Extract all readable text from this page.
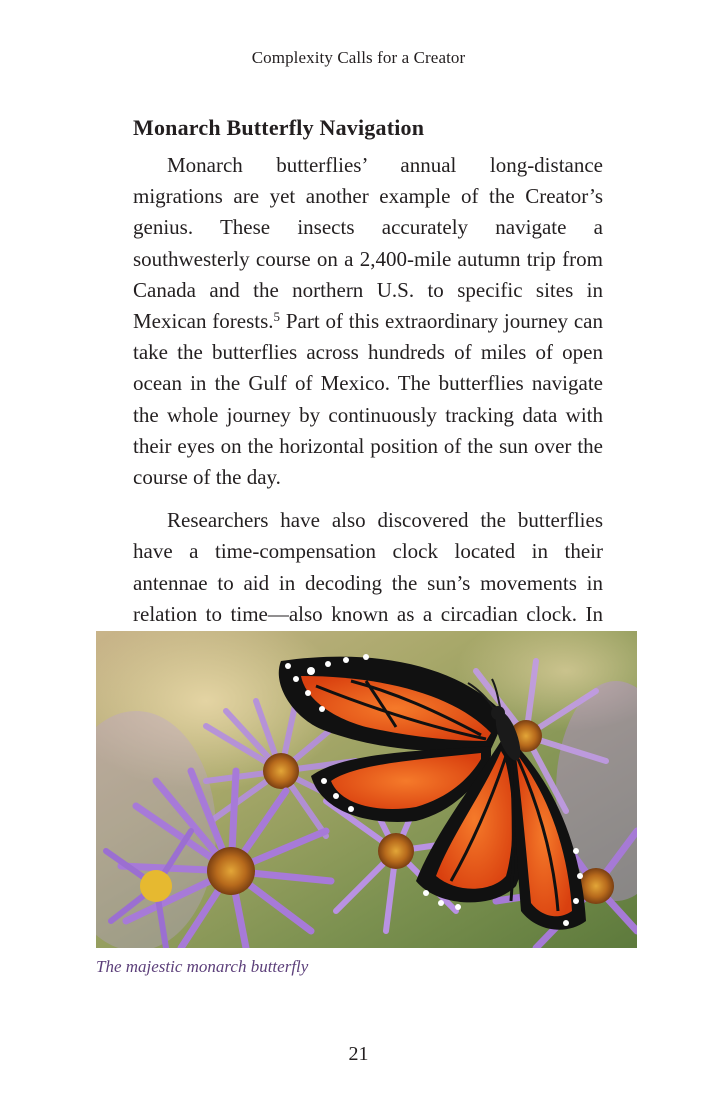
Complexity Calls for a Creator
Monarch Butterfly Navigation

Monarch butterflies’ annual long-distance migrations are yet another example of the Creator’s genius. These insects accurately navigate a southwesterly course on a 2,400-mile autumn trip from Canada and the northern U.S. to specific sites in Mexican forests.$^5$ Part of this extraordinary journey can take the butterflies across hundreds of miles of open ocean in the Gulf of Mexico. The butterflies navigate the whole journey by continuously tracking data with their eyes on the horizontal position of the sun over the course of the day.

Researchers have also discovered the butterflies have a time-compensation clock located in their antennae to aid in decoding the sun’s movements in relation to time—also known as a circadian clock. In

The majestic monarch butterfly
21
